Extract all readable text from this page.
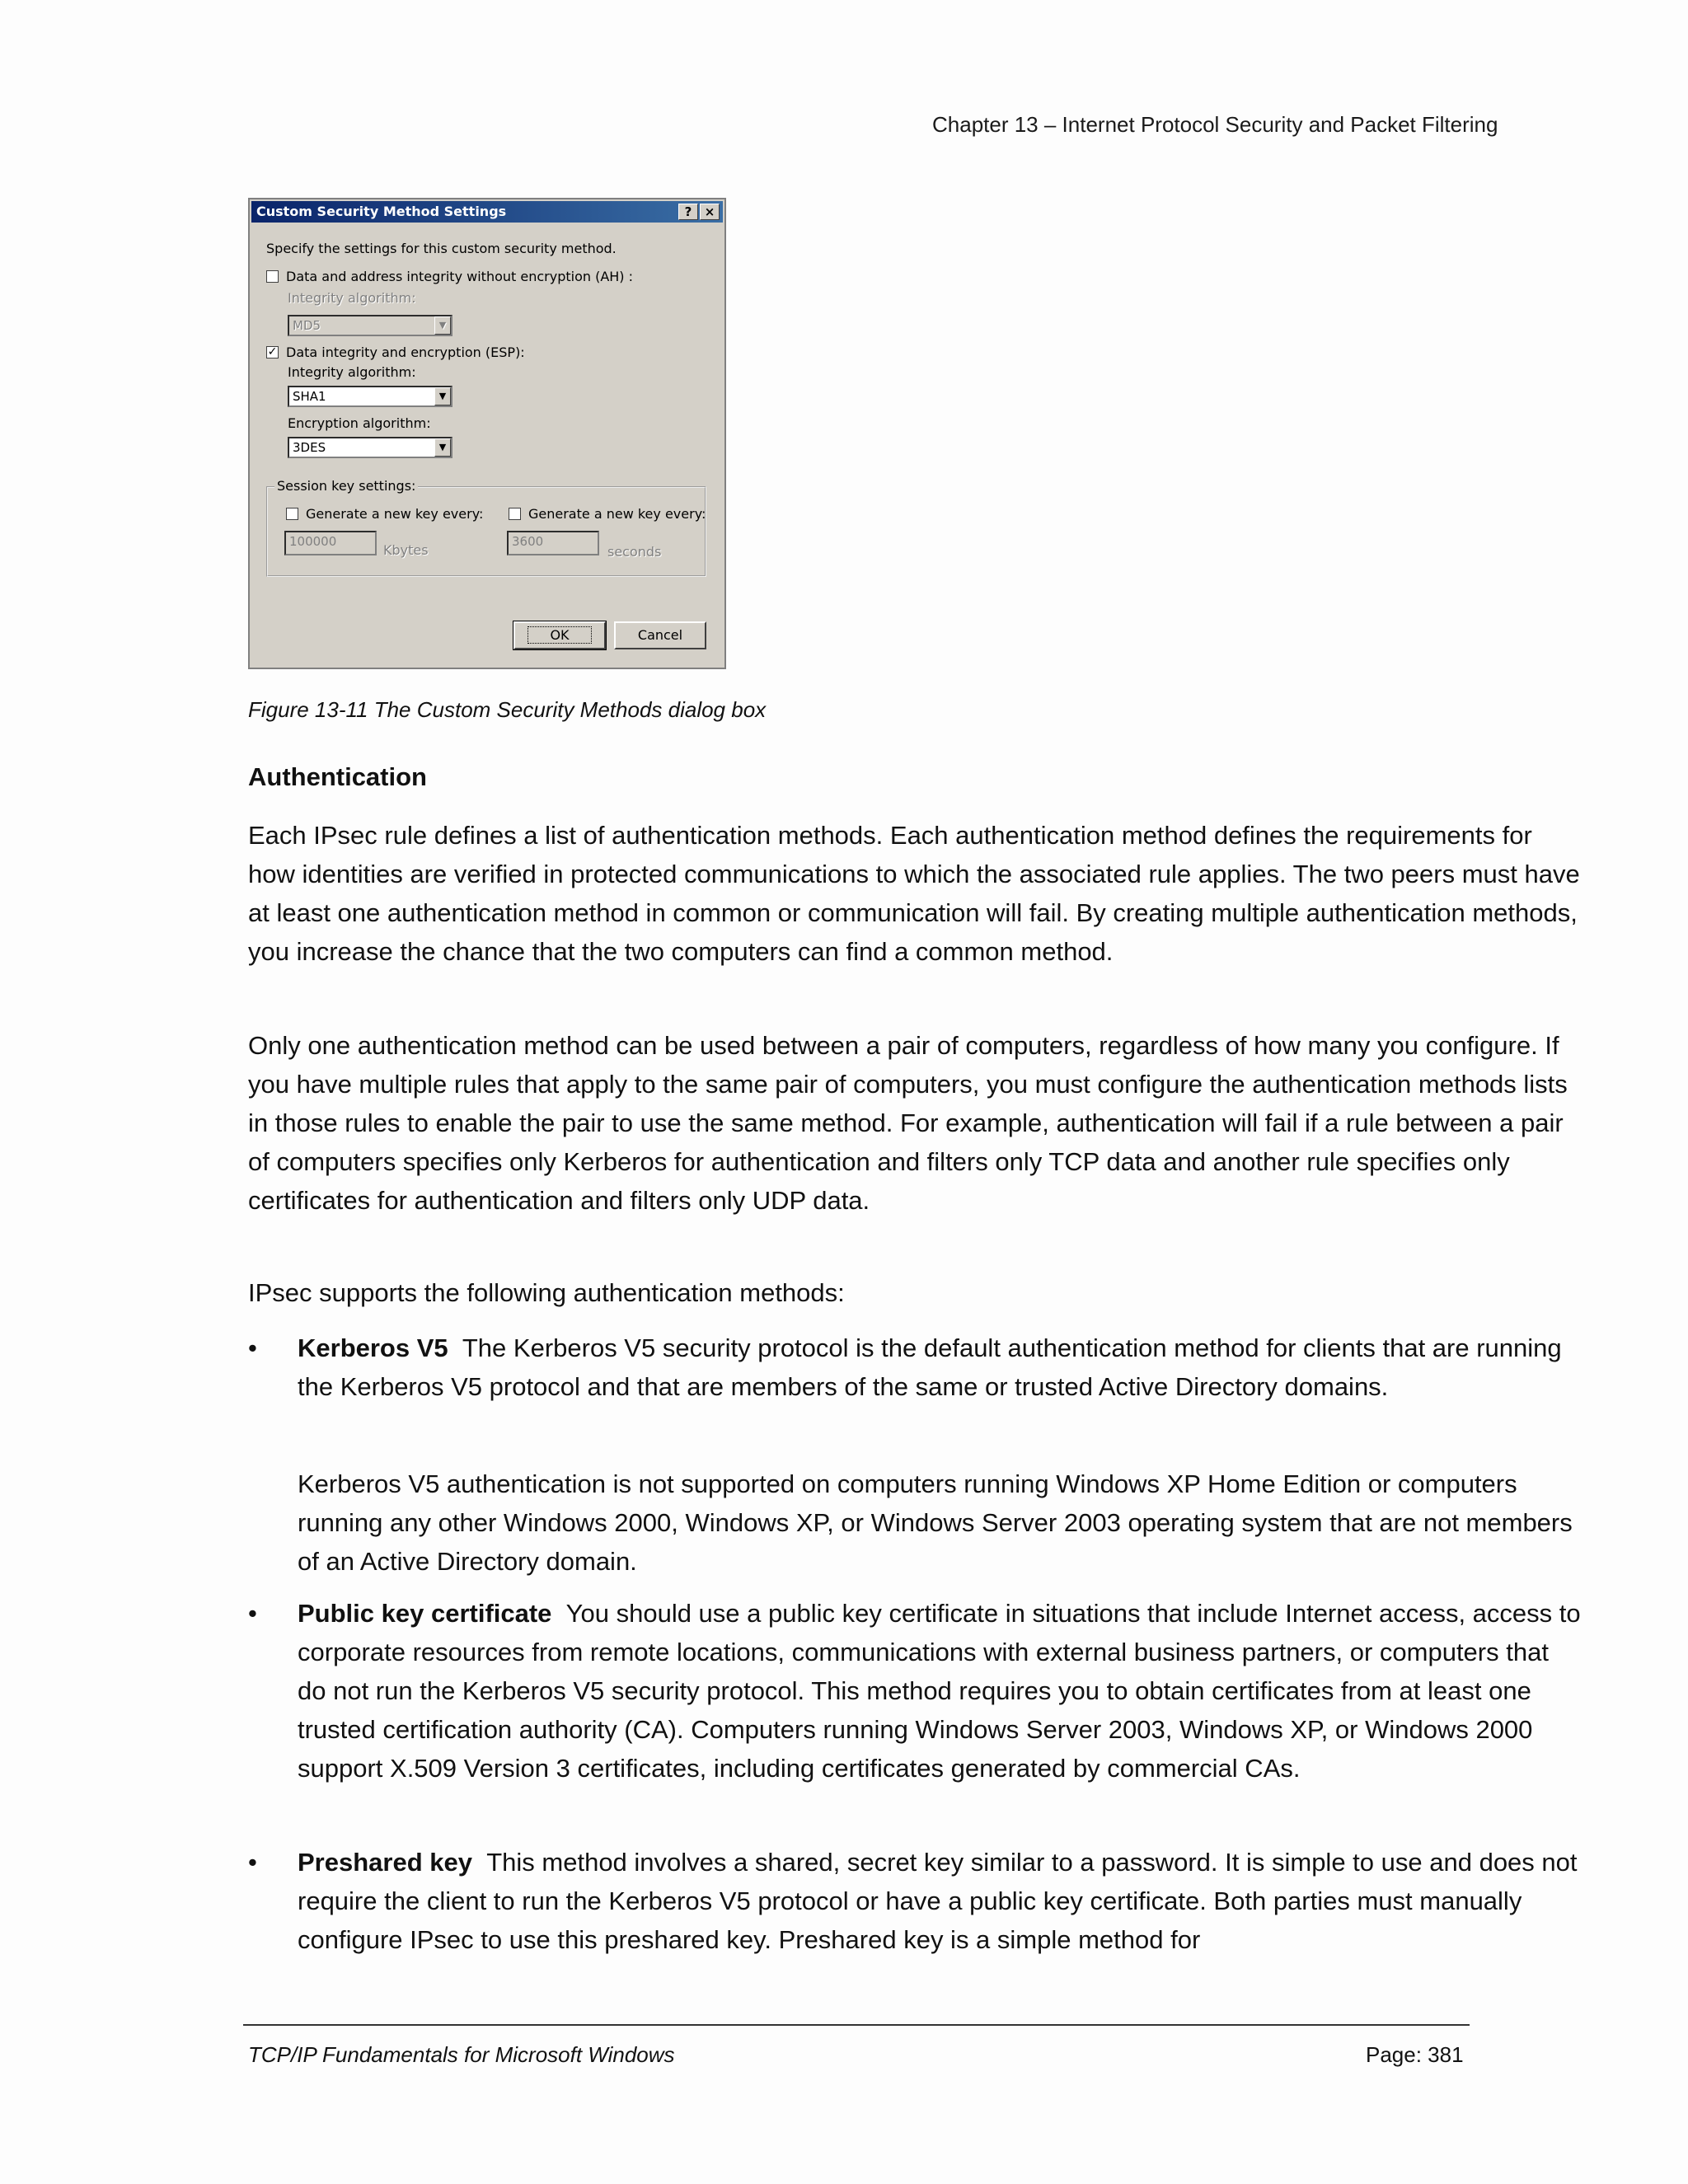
Chapter 13 – Internet Protocol Security and Packet Filtering
Custom Security Method Settings	?	×
Specify the settings for this custom security method.
Data and address integrity without encryption (AH) :
Integrity algorithm:
MD5	▼
✓ Data integrity and encryption (ESP):
Integrity algorithm:
SHA1	▼
Encryption algorithm:
3DES	▼
Session key settings:
Generate a new key every:
100000
Kbytes
Generate a new key every:
3600
seconds
OK	Cancel
Figure 13-11 The Custom Security Methods dialog box
Authentication
Each IPsec rule defines a list of authentication methods. Each authentication method defines the requirements for how identities are verified in protected communications to which the associated rule applies. The two peers must have at least one authentication method in common or communication will fail. By creating multiple authentication methods, you increase the chance that the two computers can find a common method.
Only one authentication method can be used between a pair of computers, regardless of how many you configure. If you have multiple rules that apply to the same pair of computers, you must configure the authentication methods lists in those rules to enable the pair to use the same method. For example, authentication will fail if a rule between a pair of computers specifies only Kerberos for authentication and filters only TCP data and another rule specifies only certificates for authentication and filters only UDP data.
IPsec supports the following authentication methods:
• Kerberos V5 The Kerberos V5 security protocol is the default authentication method for clients that are running the Kerberos V5 protocol and that are members of the same or trusted Active Directory domains.
Kerberos V5 authentication is not supported on computers running Windows XP Home Edition or computers running any other Windows 2000, Windows XP, or Windows Server 2003 operating system that are not members of an Active Directory domain.
• Public key certificate You should use a public key certificate in situations that include Internet access, access to corporate resources from remote locations, communications with external business partners, or computers that do not run the Kerberos V5 security protocol. This method requires you to obtain certificates from at least one trusted certification authority (CA). Computers running Windows Server 2003, Windows XP, or Windows 2000 support X.509 Version 3 certificates, including certificates generated by commercial CAs.
• Preshared key This method involves a shared, secret key similar to a password. It is simple to use and does not require the client to run the Kerberos V5 protocol or have a public key certificate. Both parties must manually configure IPsec to use this preshared key. Preshared key is a simple method for
TCP/IP Fundamentals for Microsoft Windows	Page: 381
